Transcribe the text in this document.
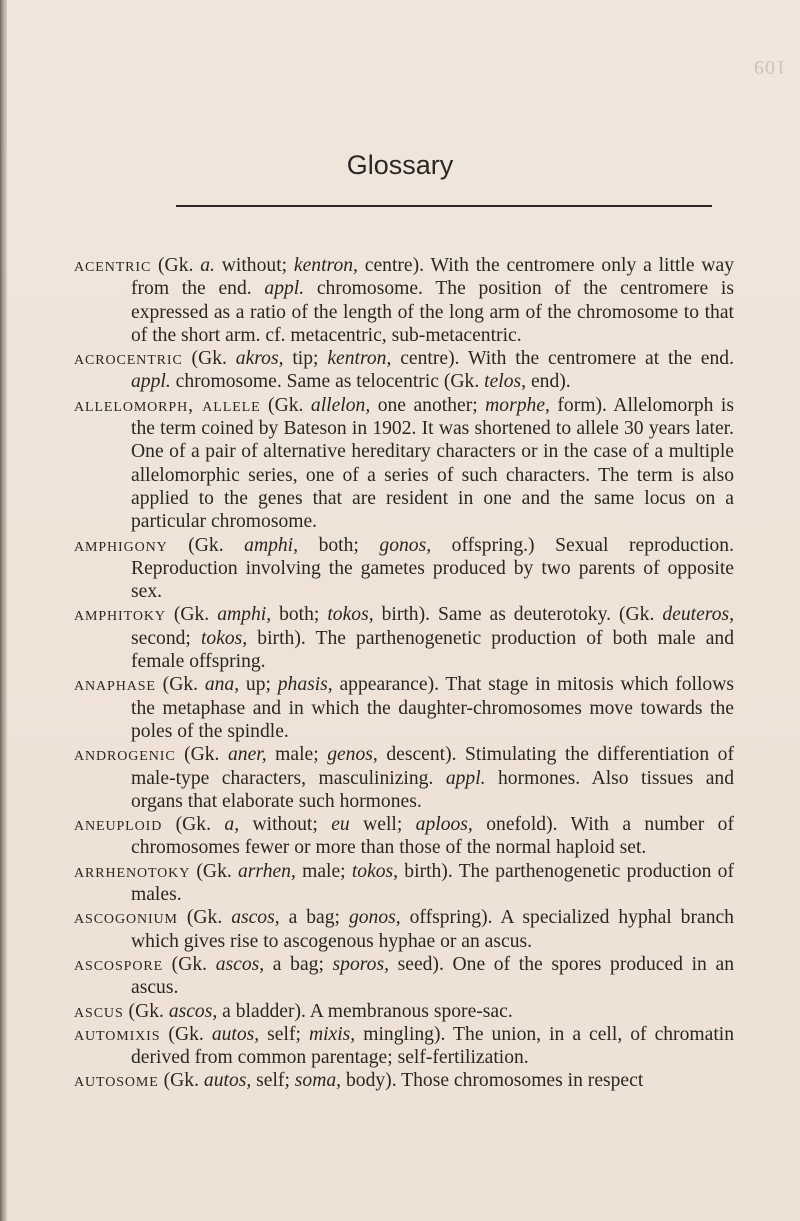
109
Glossary
acentric (Gk. a. without; kentron, centre). With the centromere only a little way from the end. appl. chromosome. The position of the centromere is expressed as a ratio of the length of the long arm of the chromosome to that of the short arm. cf. metacentric, sub-metacentric.
acrocentric (Gk. akros, tip; kentron, centre). With the centromere at the end. appl. chromosome. Same as telocentric (Gk. telos, end).
allelomorph, allele (Gk. allelon, one another; morphe, form). Allelomorph is the term coined by Bateson in 1902. It was shortened to allele 30 years later. One of a pair of alternative hereditary characters or in the case of a multiple allelomorphic series, one of a series of such characters. The term is also applied to the genes that are resident in one and the same locus on a particular chromosome.
amphigony (Gk. amphi, both; gonos, offspring.) Sexual reproduction. Reproduction involving the gametes produced by two parents of opposite sex.
amphitoky (Gk. amphi, both; tokos, birth). Same as deuterotoky. (Gk. deuteros, second; tokos, birth). The parthenogenetic production of both male and female offspring.
anaphase (Gk. ana, up; phasis, appearance). That stage in mitosis which follows the metaphase and in which the daughter-chromosomes move towards the poles of the spindle.
androgenic (Gk. aner, male; genos, descent). Stimulating the differentiation of male-type characters, masculinizing. appl. hormones. Also tissues and organs that elaborate such hormones.
aneuploid (Gk. a, without; eu well; aploos, onefold). With a number of chromosomes fewer or more than those of the normal haploid set.
arrhenotoky (Gk. arrhen, male; tokos, birth). The parthenogenetic production of males.
ascogonium (Gk. ascos, a bag; gonos, offspring). A specialized hyphal branch which gives rise to ascogenous hyphae or an ascus.
ascospore (Gk. ascos, a bag; sporos, seed). One of the spores produced in an ascus.
ascus (Gk. ascos, a bladder). A membranous spore-sac.
automixis (Gk. autos, self; mixis, mingling). The union, in a cell, of chromatin derived from common parentage; self-fertilization.
autosome (Gk. autos, self; soma, body). Those chromosomes in respect
